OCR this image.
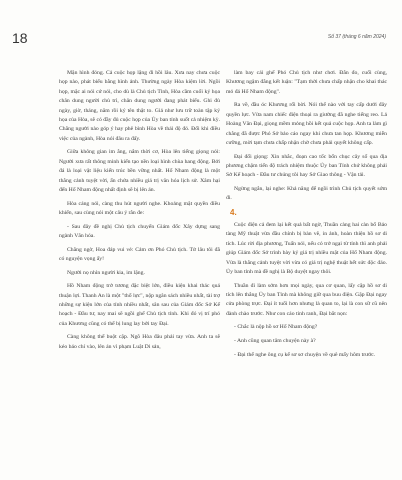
18	Số 37 (tháng 6 năm 2024)

Mặn hình đóng. Cả cuộc họp lặng đi hồi lâu. Xưa nay chưa cuộc họp nào, phát biểu bằng hình ảnh. Thường ngày Hòa kiệm lời. Ngồi họp, mặc ai nói cứ nói, cho dù là Chủ tịch Tỉnh, Hòa cầm cuối ký họa chân dung người chủ trì, chân dung người đang phát biểu. Ghi đủ ngày, giờ, tháng, năm rồi ký tên thật to. Giả như lưu trữ toàn tập ký họa của Hòa, sẽ có đầy đủ cuộc họp của Ủy ban tỉnh suốt cả nhiệm kỳ. Chẳng người nào góp ý hay phê bình Hòa về thái độ đó. Đối khi điều việc của ngành, Hòa nói đâu ra đấy.

Giữa không gian im ắng, nắm thời cơ, Hòa lên tiếng giọng nói: Người xưa rất thông minh kiến tạo nền loại hình chùa hang động. Bởi đá là loại vật liệu kiến trúc bền vững nhất. Hố Nham động là một thắng cảnh tuyệt vời, ẩn chứa nhiều giá trị văn hóa lịch sử. Xâm hại đến Hố Nham động nhất định sẽ bị lên án.

Hòa cáng nói, càng thu hút người nghe. Khoảng mặt quyền điều khiển, sau cùng nói một câu ý rằn đe:

- Sau đây đề nghị Chủ tịch chuyển Giám đốc Xây dựng sang ngành Văn hóa.

Chẳng ngờ, Hoa đáp vui vẻ: Cảm ơn Phó Chủ tịch. Tử lâu tôi đã có nguyện vọng ấy!

Người nọ nhìn người kia, im lặng.

Hồ Nham động trở tương đặc biệt lớn, điều kiện khai thác quá thuận lợi. Thanh An là một "thổ lực", nộp ngân sách nhiều nhất, tài trợ những sự kiện lớn của tỉnh nhiều nhất, sân sau của Giám đốc Sở Kế hoạch - Đầu tư, nay mai sẽ ngồi ghế Chủ tịch tỉnh. Khi đó vị trí phó của Khương cũng có thể bị lung lay bởi tay Đại.

Càng không thể buột cặp. Ngõ Hòa đâu phải tay vừa. Anh ta sẽ kéo báo chí vào, lên án vì phạm Luật Di sản,

làm bay cái ghế Phó Chủ tịch như chơi. Đắn đo, cuối cùng, Khương ngậm đắng kết luận: "Tạm thời chưa chấp nhận cho khai thác mỏ đá Hố Nham động".

Ra về, đầu óc Khương rối bời. Nói thế nào với tay cấp dưới đây quyền lực. Vừa nam chiếc điện thoại ra giường đã nghe tiếng reo. Lả Hoàng Văn Đại, giọng mềm mỏng hồi kết quả cuộc họp. Anh ta làm gì chẳng đã được Phó Sở bảo cáo ngay khi chưa tan họp. Khương miễn cưỡng, mời tạm chưa chấp nhận chờ chưa phải quyết không cấp.

Đại đối giọng: Xin nhắc, đoạn cao tốc bổn chục cây số qua địa phương chậm tiến độ trách nhiệm thuộc Ủy ban Tỉnh chứ không phải Sở Kế hoạch - Đầu tư chúng tôi hay Sở Giao thông - Vận tải.

Ngừng ngắn, lại nghe: Khả năng để ngồi trình Chủ tịch quyết sớm đi.

4.

Cuộc điện cả đem lại kết quả bất ngờ, Thuần càng hai càn bổ Bảo tàng Mỹ thuật vừa đầu chính bị bàn vẽ, in ảnh, hoàn thiện hồ sơ di tích. Lúc rời địa phương, Tuấn nói, nếu có trở ngại từ tỉnh thì anh phải giúp Giám đốc Sở trình bày ký giá trị nhiều mặt của Hố Nham động. Vừa là thắng cảnh tuyệt vời vừa có giá trị nghệ thuật hết sức độc đáo. Ủy ban tỉnh mà đề nghị là Bộ duyệt ngay thôi.

Thuần đi làm sớm hơn mọi ngày, qua cơ quan, lấy cặp hồ sơ di tích lên thẳng Ủy ban Tỉnh mà không giữ qua buu điện. Gặp Đại ngay cửa phòng trực. Đại ít tuổi hơn nhưng là quan to, lại là con sữ cũ nên đành chào trước. Như con cáo tinh ranh, Đại bắt nọn:

- Chắc là nộp hồ sơ Hố Nham động?

- Anh cũng quan tâm chuyện này à?

- Đại thể nghe ông cụ kể sơ sơ chuyện về quê mấy hôm trước.
